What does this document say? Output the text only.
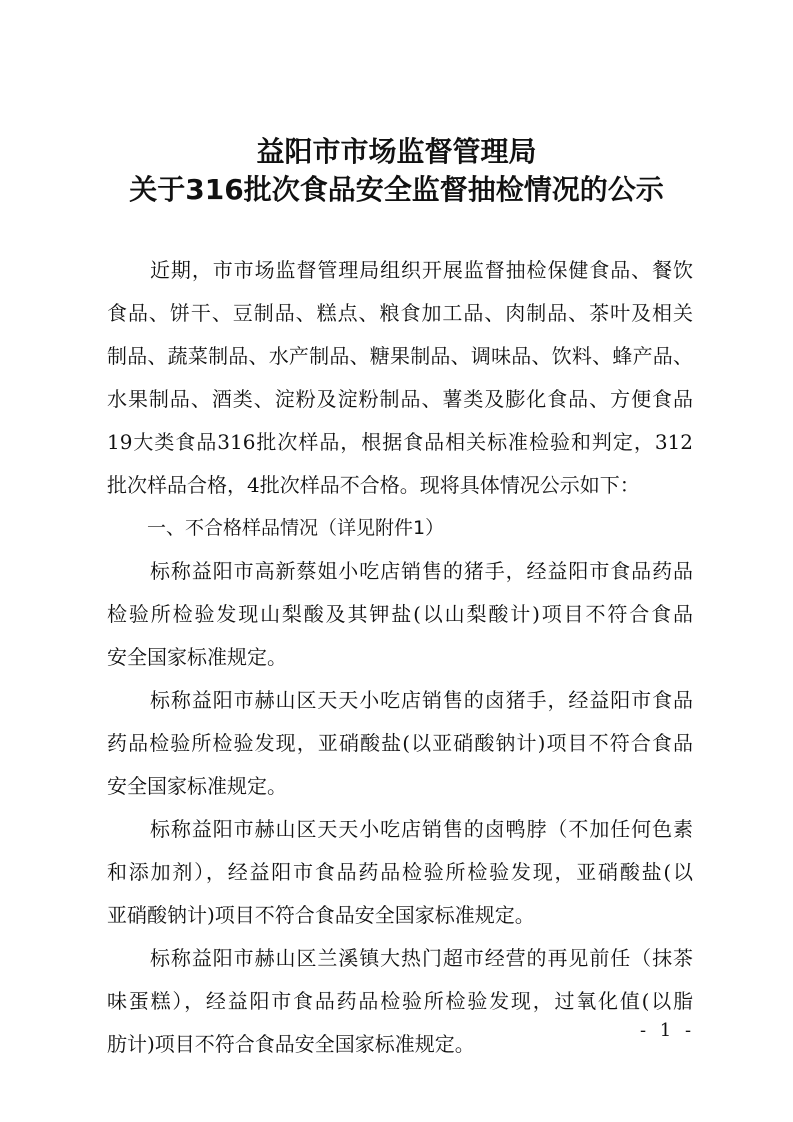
益阳市市场监督管理局
关于316批次食品安全监督抽检情况的公示
近期，市市场监督管理局组织开展监督抽检保健食品、餐饮
食品、饼干、豆制品、糕点、粮食加工品、肉制品、茶叶及相关
制品、蔬菜制品、水产制品、糖果制品、调味品、饮料、蜂产品、
水果制品、酒类、淀粉及淀粉制品、薯类及膨化食品、方便食品
19大类食品316批次样品，根据食品相关标准检验和判定，312
批次样品合格，4批次样品不合格。现将具体情况公示如下：
一、不合格样品情况（详见附件1）
标称益阳市高新蔡姐小吃店销售的猪手，经益阳市食品药品
检验所检验发现山梨酸及其钾盐(以山梨酸计)项目不符合食品
安全国家标准规定。
标称益阳市赫山区天天小吃店销售的卤猪手，经益阳市食品
药品检验所检验发现，亚硝酸盐(以亚硝酸钠计)项目不符合食品
安全国家标准规定。
标称益阳市赫山区天天小吃店销售的卤鸭脖（不加任何色素
和添加剂），经益阳市食品药品检验所检验发现，亚硝酸盐(以
亚硝酸钠计)项目不符合食品安全国家标准规定。
标称益阳市赫山区兰溪镇大热门超市经营的再见前任（抹茶
味蛋糕），经益阳市食品药品检验所检验发现，过氧化值(以脂
肪计)项目不符合食品安全国家标准规定。
- 1 -
